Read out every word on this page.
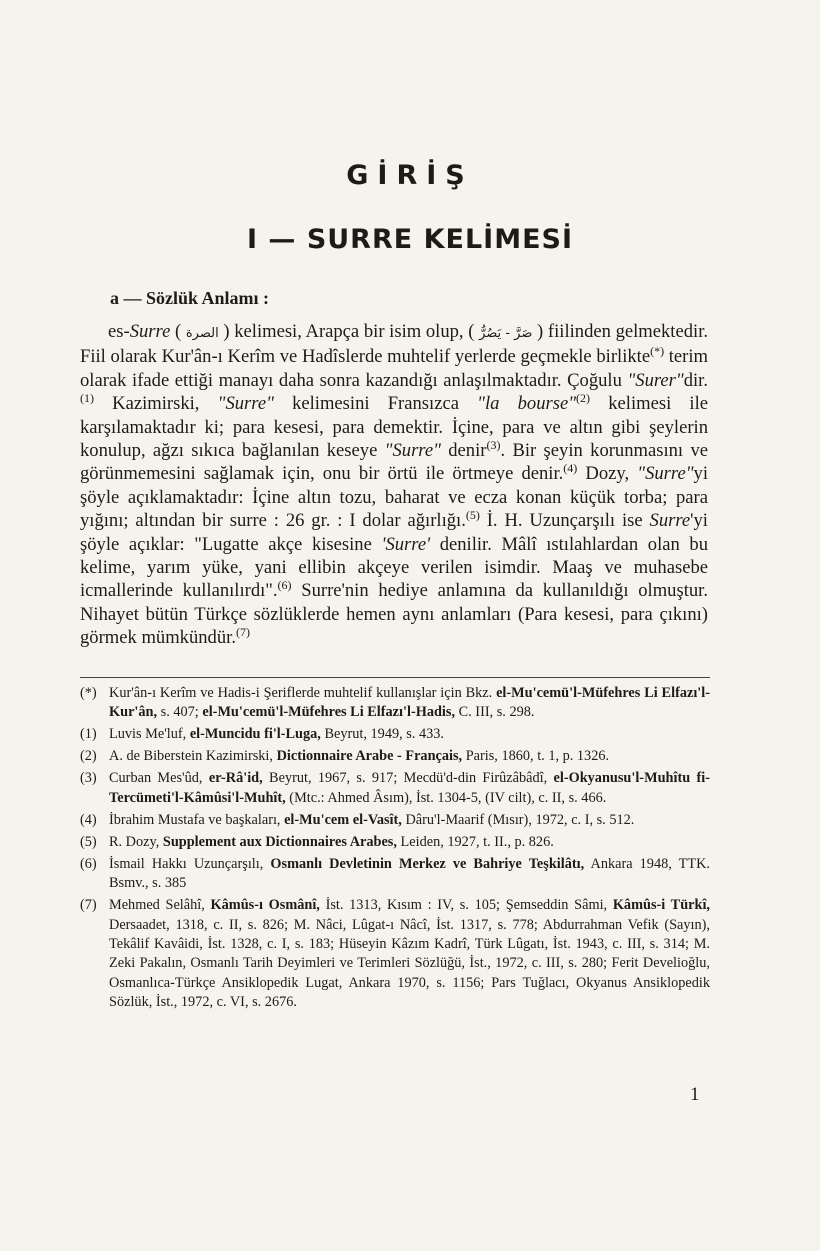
GİRİŞ
I — SURRE KELİMESİ
a — Sözlük Anlamı :

es-Surre ( الصرة ) kelimesi, Arapça bir isim olup, ( صَرَّ - يَصُرُّ ) fiilinden gelmektedir. Fiil olarak Kur'ân-ı Kerîm ve Hadîslerde muhtelif yerlerde geçmekle birlikte(*) terim olarak ifade ettiği manayı daha sonra kazandığı anlaşılmaktadır. Çoğulu "Surer"dir.$^{(1)}$ Kazimirski, "Surre" kelimesini Fransızca "la bourse"$^{(2)}$ kelimesi ile karşılamaktadır ki; para kesesi, para demektir. İçine, para ve altın gibi şeylerin konulup, ağzı sıkıca bağlanılan keseye "Surre" denir$^{(3)}$. Bir şeyin korunmasını ve görünmemesini sağlamak için, onu bir örtü ile örtmeye denir.$^{(4)}$ Dozy, "Surre"yi şöyle açıklamaktadır: İçine altın tozu, baharat ve ecza konan küçük torba; para yığını; altından bir surre : 26 gr. : I dolar ağırlığı.$^{(5)}$ İ. H. Uzunçarşılı ise Surre'yi şöyle açıklar: "Lugatte akçe kisesine 'Surre' denilir. Mâlî ıstılahlardan olan bu kelime, yarım yüke, yani ellibin akçeye verilen isimdir. Maaş ve muhasebe icmallerinde kullanılırdı".$^{(6)}$ Surre'nin hediye anlamına da kullanıldığı olmuştur. Nihayet bütün Türkçe sözlüklerde hemen aynı anlamları (Para kesesi, para çıkını) görmek mümkündür.$^{(7)}$

(*) Kur'ân-ı Kerîm ve Hadis-i Şeriflerde muhtelif kullanışlar için Bkz. el-Mu'cemü'l-Müfehres Li Elfazı'l-Kur'ân, s. 407; el-Mu'cemü'l-Müfehres Li Elfazı'l-Hadis, C. III, s. 298.
(1) Luvis Me'luf, el-Muncidu fi'l-Luga, Beyrut, 1949, s. 433.
(2) A. de Biberstein Kazimirski, Dictionnaire Arabe - Français, Paris, 1860, t. 1, p. 1326.
(3) Curban Mes'ûd, er-Râ'id, Beyrut, 1967, s. 917; Mecdü'd-din Firûzâbâdî, el-Okyanusu'l-Muhîtu fi-Tercümeti'l-Kâmûsi'l-Muhît, (Mtc.: Ahmed Âsım), İst. 1304-5, (IV cilt), c. II, s. 466.
(4) İbrahim Mustafa ve başkaları, el-Mu'cem el-Vasît, Dâru'l-Maarif (Mısır), 1972, c. I, s. 512.
(5) R. Dozy, Supplement aux Dictionnaires Arabes, Leiden, 1927, t. II., p. 826.
(6) İsmail Hakkı Uzunçarşılı, Osmanlı Devletinin Merkez ve Bahriye Teşkilâtı, Ankara 1948, TTK. Bsmv., s. 385
(7) Mehmed Selâhî, Kâmûs-ı Osmânî, İst. 1313, Kısım : IV, s. 105; Şemseddin Sâmi, Kâmûs-i Türkî, Dersaadet, 1318, c. II, s. 826; M. Nâci, Lûgat-ı Nâcî, İst. 1317, s. 778; Abdurrahman Vefik (Sayın), Tekâlif Kavâidi, İst. 1328, c. I, s. 183; Hüseyin Kâzım Kadrî, Türk Lûgatı, İst. 1943, c. III, s. 314; M. Zeki Pakalın, Osmanlı Tarih Deyimleri ve Terimleri Sözlüğü, İst., 1972, c. III, s. 280; Ferit Develioğlu, Osmanlıca-Türkçe Ansiklopedik Lugat, Ankara 1970, s. 1156; Pars Tuğlacı, Okyanus Ansiklopedik Sözlük, İst., 1972, c. VI, s. 2676.
1
